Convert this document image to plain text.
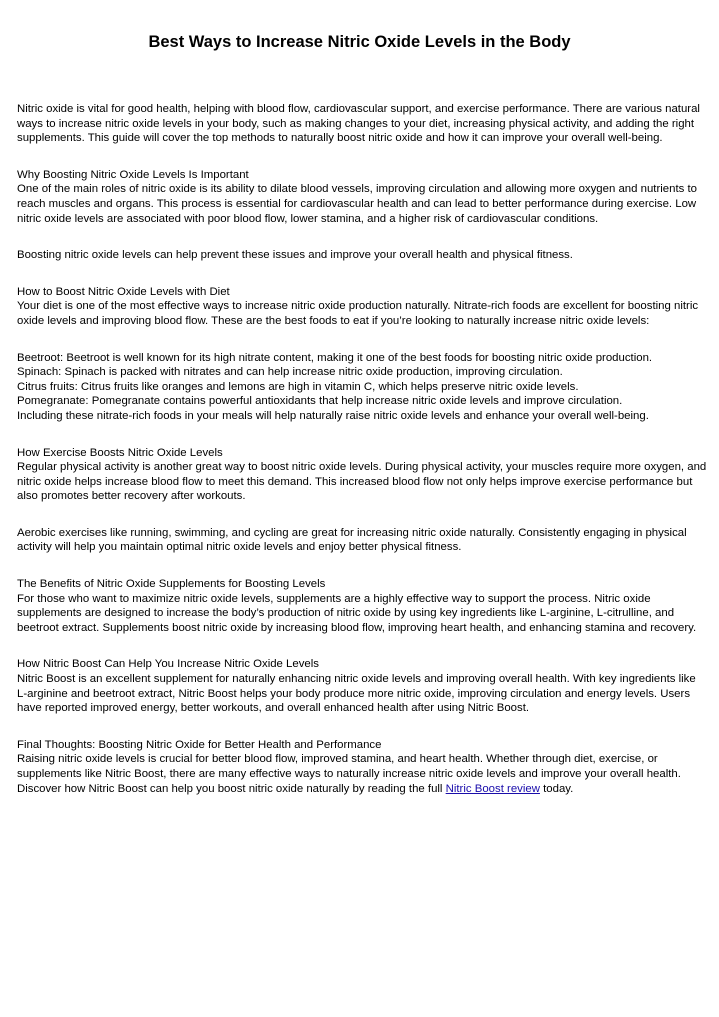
Best Ways to Increase Nitric Oxide Levels in the Body

Nitric oxide is vital for good health, helping with blood flow, cardiovascular support, and exercise performance. There are various natural ways to increase nitric oxide levels in your body, such as making changes to your diet, increasing physical activity, and adding the right supplements. This guide will cover the top methods to naturally boost nitric oxide and how it can improve your overall well-being.

Why Boosting Nitric Oxide Levels Is Important

One of the main roles of nitric oxide is its ability to dilate blood vessels, improving circulation and allowing more oxygen and nutrients to reach muscles and organs. This process is essential for cardiovascular health and can lead to better performance during exercise. Low nitric oxide levels are associated with poor blood flow, lower stamina, and a higher risk of cardiovascular conditions.

Boosting nitric oxide levels can help prevent these issues and improve your overall health and physical fitness.

How to Boost Nitric Oxide Levels with Diet

Your diet is one of the most effective ways to increase nitric oxide production naturally. Nitrate-rich foods are excellent for boosting nitric oxide levels and improving blood flow. These are the best foods to eat if you’re looking to naturally increase nitric oxide levels:

Beetroot: Beetroot is well known for its high nitrate content, making it one of the best foods for boosting nitric oxide production.

Spinach: Spinach is packed with nitrates and can help increase nitric oxide production, improving circulation.

Citrus fruits: Citrus fruits like oranges and lemons are high in vitamin C, which helps preserve nitric oxide levels.

Pomegranate: Pomegranate contains powerful antioxidants that help increase nitric oxide levels and improve circulation.

Including these nitrate-rich foods in your meals will help naturally raise nitric oxide levels and enhance your overall well-being.

How Exercise Boosts Nitric Oxide Levels

Regular physical activity is another great way to boost nitric oxide levels. During physical activity, your muscles require more oxygen, and nitric oxide helps increase blood flow to meet this demand. This increased blood flow not only helps improve exercise performance but also promotes better recovery after workouts.

Aerobic exercises like running, swimming, and cycling are great for increasing nitric oxide naturally. Consistently engaging in physical activity will help you maintain optimal nitric oxide levels and enjoy better physical fitness.

The Benefits of Nitric Oxide Supplements for Boosting Levels

For those who want to maximize nitric oxide levels, supplements are a highly effective way to support the process. Nitric oxide supplements are designed to increase the body’s production of nitric oxide by using key ingredients like L-arginine, L-citrulline, and beetroot extract. Supplements boost nitric oxide by increasing blood flow, improving heart health, and enhancing stamina and recovery.

How Nitric Boost Can Help You Increase Nitric Oxide Levels

Nitric Boost is an excellent supplement for naturally enhancing nitric oxide levels and improving overall health. With key ingredients like L-arginine and beetroot extract, Nitric Boost helps your body produce more nitric oxide, improving circulation and energy levels. Users have reported improved energy, better workouts, and overall enhanced health after using Nitric Boost.

Final Thoughts: Boosting Nitric Oxide for Better Health and Performance

Raising nitric oxide levels is crucial for better blood flow, improved stamina, and heart health. Whether through diet, exercise, or supplements like Nitric Boost, there are many effective ways to naturally increase nitric oxide levels and improve your overall health. Discover how Nitric Boost can help you boost nitric oxide naturally by reading the full Nitric Boost review today.
